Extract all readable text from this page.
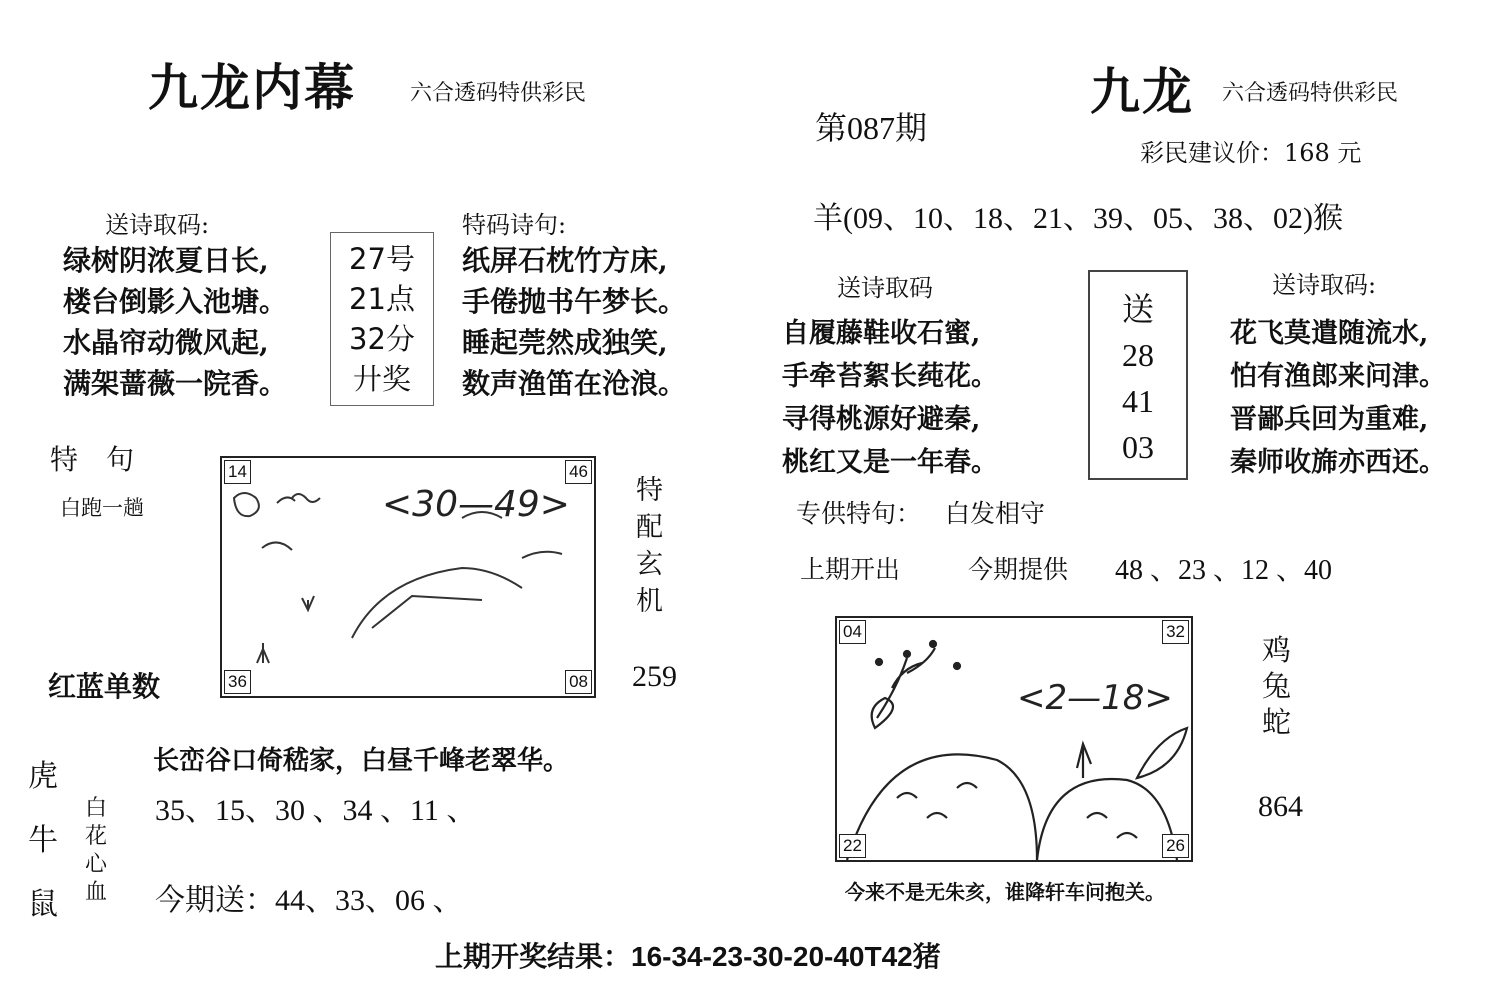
九龙内幕 六合透码特供彩民
送诗取码:
绿树阴浓夏日长,
楼台倒影入池塘。
水晶帘动微风起,
满架蔷薇一院香。
27号
21点
32分
廾奖
特码诗句:
纸屏石枕竹方床,
手倦抛书午梦长。
睡起莞然成独笑,
数声渔笛在沧浪。
特　句
白跑一趟	<30—49>
14	46
36	08
特
配
玄
机
259
红蓝单数
虎
牛
鼠
白
花
心
血
长峦谷口倚嵇家，白昼千峰老翠华。
35、15、30 、34 、11 、
今期送：44、33、06 、
第087期
九龙 六合透码特供彩民
彩民建议价：168 元
羊(09、10、18、21、39、05、38、02)猴
送诗取码
自履藤鞋收石蜜,
手牵苔絮长莼花。
寻得桃源好避秦,
桃红又是一年春。
送
28
41
03
送诗取码:
花飞莫遣随流水,
怕有渔郎来问津。
晋鄙兵回为重难,
秦师收旆亦西还。
专供特句： 白发相守
上期开出	今期提供 48 、23 、12 、40
<2—18>
04	32
22	26
鸡
兔
蛇
864
今来不是无朱亥，谁降轩车问抱关。
上期开奖结果：16-34-23-30-20-40T42猪
